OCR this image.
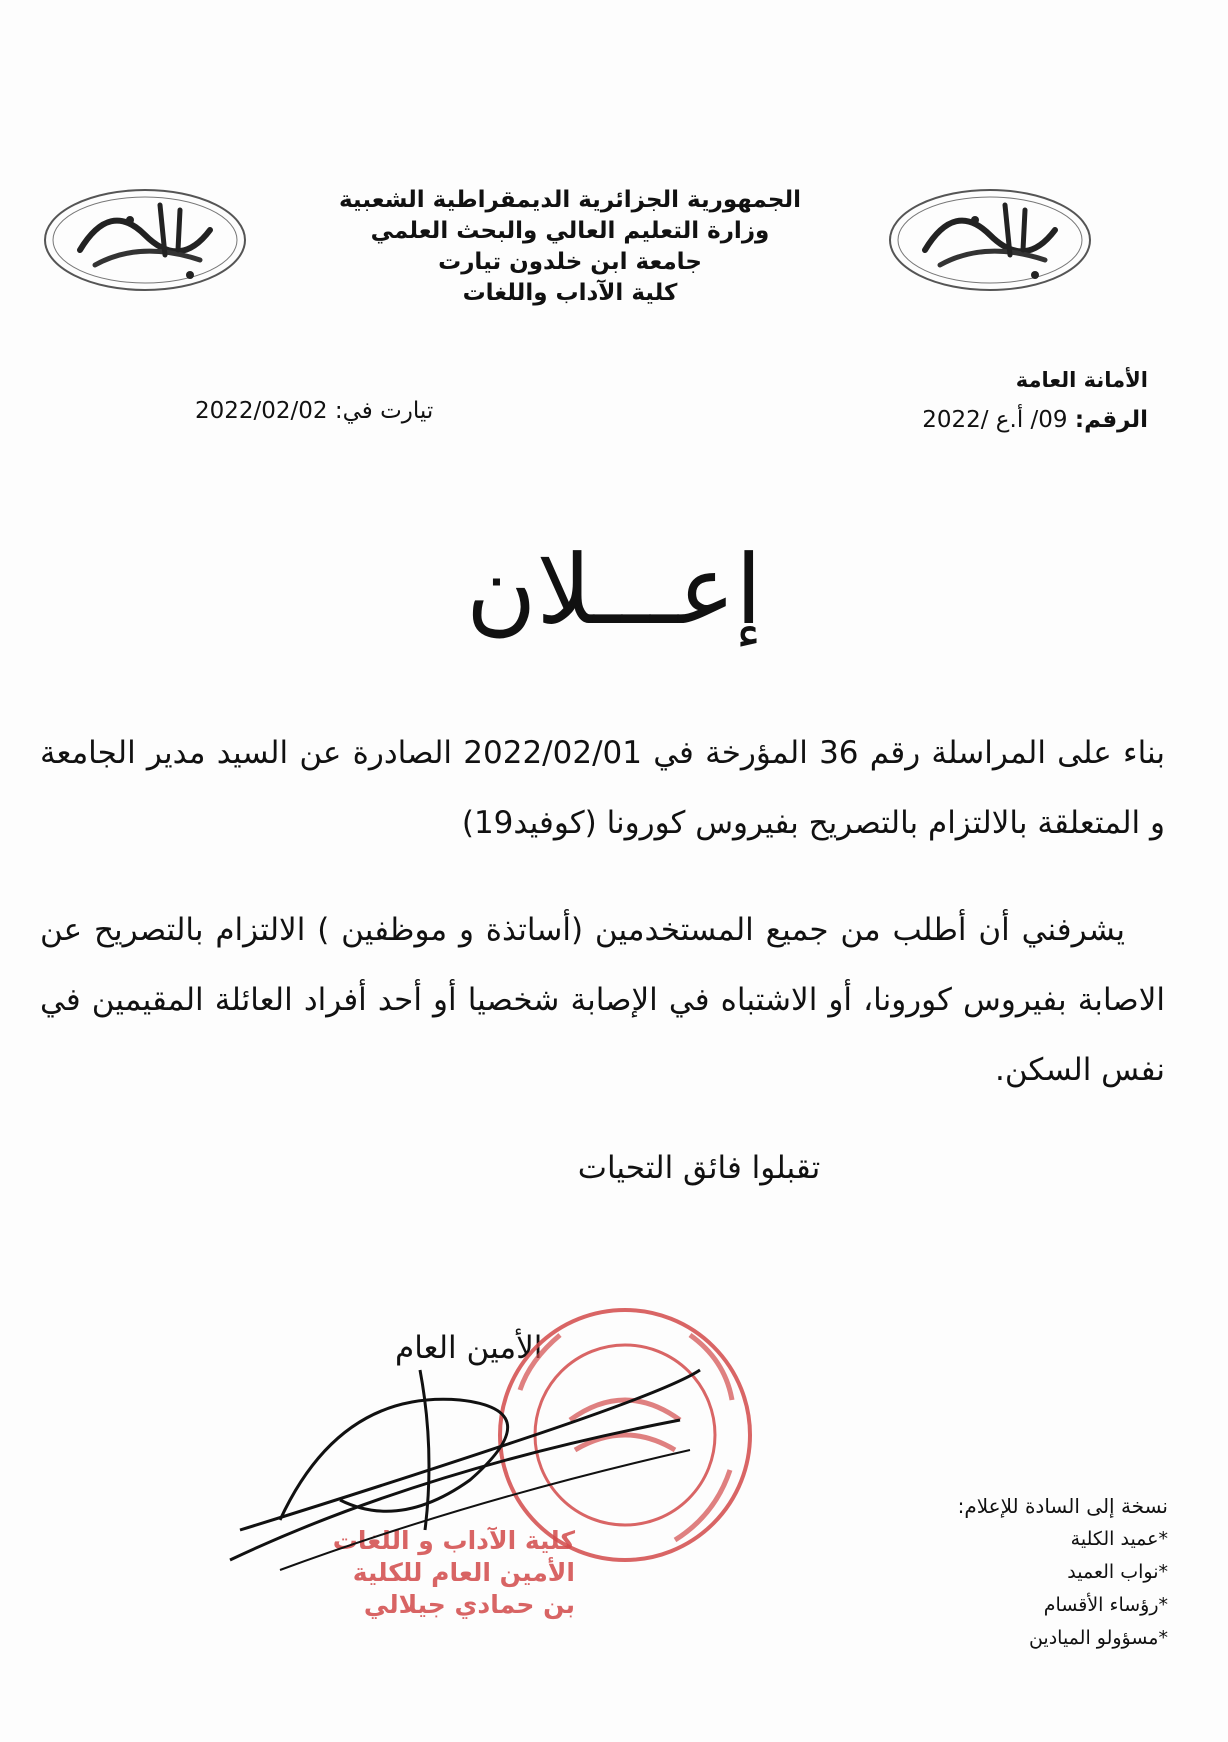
الجمهورية الجزائرية الديمقراطية الشعبية
وزارة التعليم العالي والبحث العلمي
جامعة ابن خلدون تيارت
كلية الآداب واللغات
الأمانة العامة
الرقم: 09/ أ.ع /2022
تيارت في: 2022/02/02
إعـــلان
بناء على المراسلة رقم 36 المؤرخة في 2022/02/01 الصادرة عن السيد مدير الجامعة و المتعلقة بالالتزام بالتصريح بفيروس كورونا (كوفيد19)
يشرفني أن أطلب من جميع المستخدمين (أساتذة و موظفين ) الالتزام بالتصريح عن الاصابة بفيروس كورونا، أو الاشتباه في الإصابة شخصيا أو أحد أفراد العائلة المقيمين في نفس السكن.
تقبلوا فائق التحيات
الأمين العام
كلية الآداب و اللغات
الأمين العام للكلية
بن حمادي جيلالي
نسخة إلى السادة للإعلام:
*عميد الكلية
*نواب العميد
*رؤساء الأقسام
*مسؤولو الميادين
